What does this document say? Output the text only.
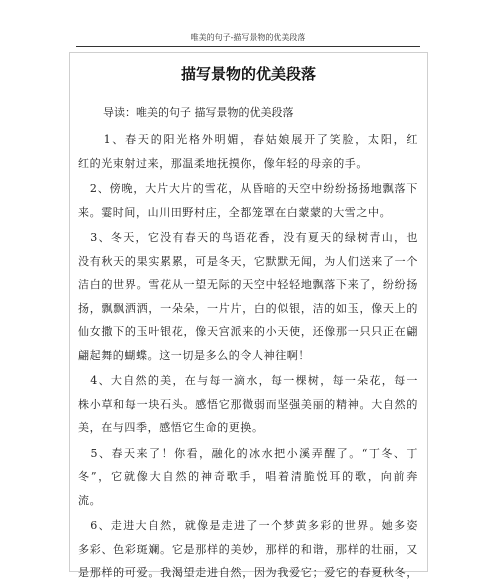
唯美的句子-描写景物的优美段落
描写景物的优美段落
导读：唯美的句子 描写景物的优美段落
　　1、春天的阳光格外明媚，春姑娘展开了笑脸，太阳，红
红的光束射过来，那温柔地抚摸你，像年轻的母亲的手。
　2、傍晚，大片大片的雪花，从昏暗的天空中纷纷扬扬地飘落下
来。霎时间，山川田野村庄，全都笼罩在白蒙蒙的大雪之中。
　3、冬天，它没有春天的鸟语花香，没有夏天的绿树青山，也
没有秋天的果实累累，可是冬天，它默默无闻，为人们送来了一个
洁白的世界。雪花从一望无际的天空中轻轻地飘落下来了，纷纷扬
扬，飘飘洒洒，一朵朵，一片片，白的似银，洁的如玉，像天上的
仙女撒下的玉叶银花，像天宫派来的小天使，还像那一只只正在翩
翩起舞的蝴蝶。这一切是多么的令人神往啊！
　4、大自然的美，在与每一滴水，每一棵树，每一朵花，每一
株小草和每一块石头。感悟它那微弱而坚强美丽的精神。大自然的
美，在与四季，感悟它生命的更换。
　5、春天来了！你看，融化的冰水把小溪弄醒了。“丁冬、丁
冬”，它就像大自然的神奇歌手，唱着清脆悦耳的歌，向前奔
流。
　6、走进大自然，就像是走进了一个梦黄多彩的世界。她多姿
多彩、色彩斑斓。它是那样的美妙，那样的和谐，那样的壮丽，又
是那样的可爱。我渴望走进自然，因为我爱它；爱它的春夏秋冬，
